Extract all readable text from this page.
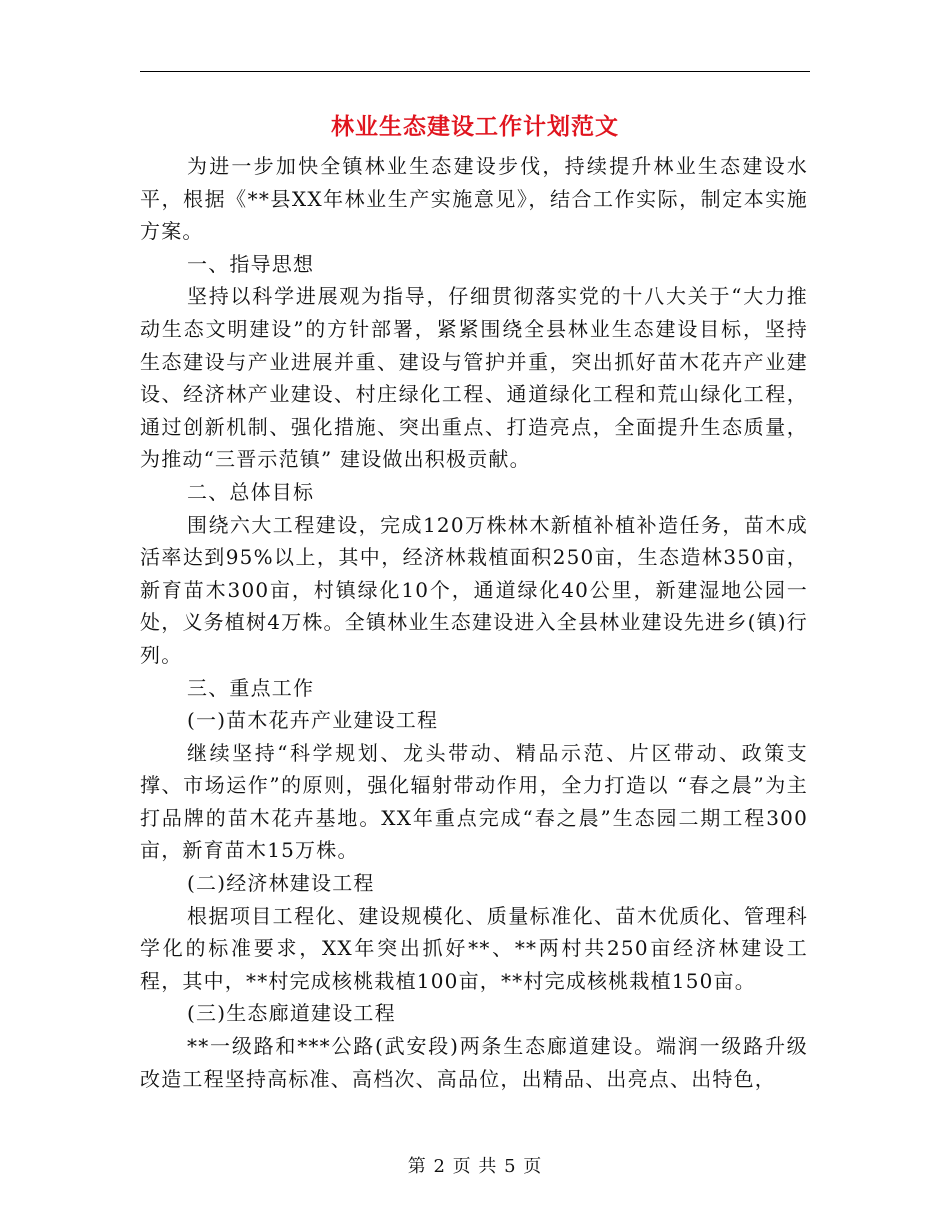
林业生态建设工作计划范文

为进一步加快全镇林业生态建设步伐，持续提升林业生态建设水平，根据《**县XX年林业生产实施意见》，结合工作实际，制定本实施方案。

一、指导思想

坚持以科学进展观为指导，仔细贯彻落实党的十八大关于“大力推动生态文明建设”的方针部署，紧紧围绕全县林业生态建设目标，坚持生态建设与产业进展并重、建设与管护并重，突出抓好苗木花卉产业建设、经济林产业建设、村庄绿化工程、通道绿化工程和荒山绿化工程，通过创新机制、强化措施、突出重点、打造亮点，全面提升生态质量，为推动“三晋示范镇” 建设做出积极贡献。

二、总体目标

围绕六大工程建设，完成120万株林木新植补植补造任务，苗木成活率达到95%以上，其中，经济林栽植面积250亩，生态造林350亩，新育苗木300亩，村镇绿化10个，通道绿化40公里，新建湿地公园一处，义务植树4万株。全镇林业生态建设进入全县林业建设先进乡(镇)行列。

三、重点工作

(一)苗木花卉产业建设工程

继续坚持“科学规划、龙头带动、精品示范、片区带动、政策支撑、市场运作”的原则，强化辐射带动作用，全力打造以 “春之晨”为主打品牌的苗木花卉基地。XX年重点完成“春之晨”生态园二期工程300亩，新育苗木15万株。

(二)经济林建设工程

根据项目工程化、建设规模化、质量标准化、苗木优质化、管理科学化的标准要求，XX年突出抓好**、**两村共250亩经济林建设工程，其中，**村完成核桃栽植100亩，**村完成核桃栽植150亩。

(三)生态廊道建设工程

**一级路和***公路(武安段)两条生态廊道建设。端润一级路升级改造工程坚持高标准、高档次、高品位，出精品、出亮点、出特色，

第 2 页 共 5 页
